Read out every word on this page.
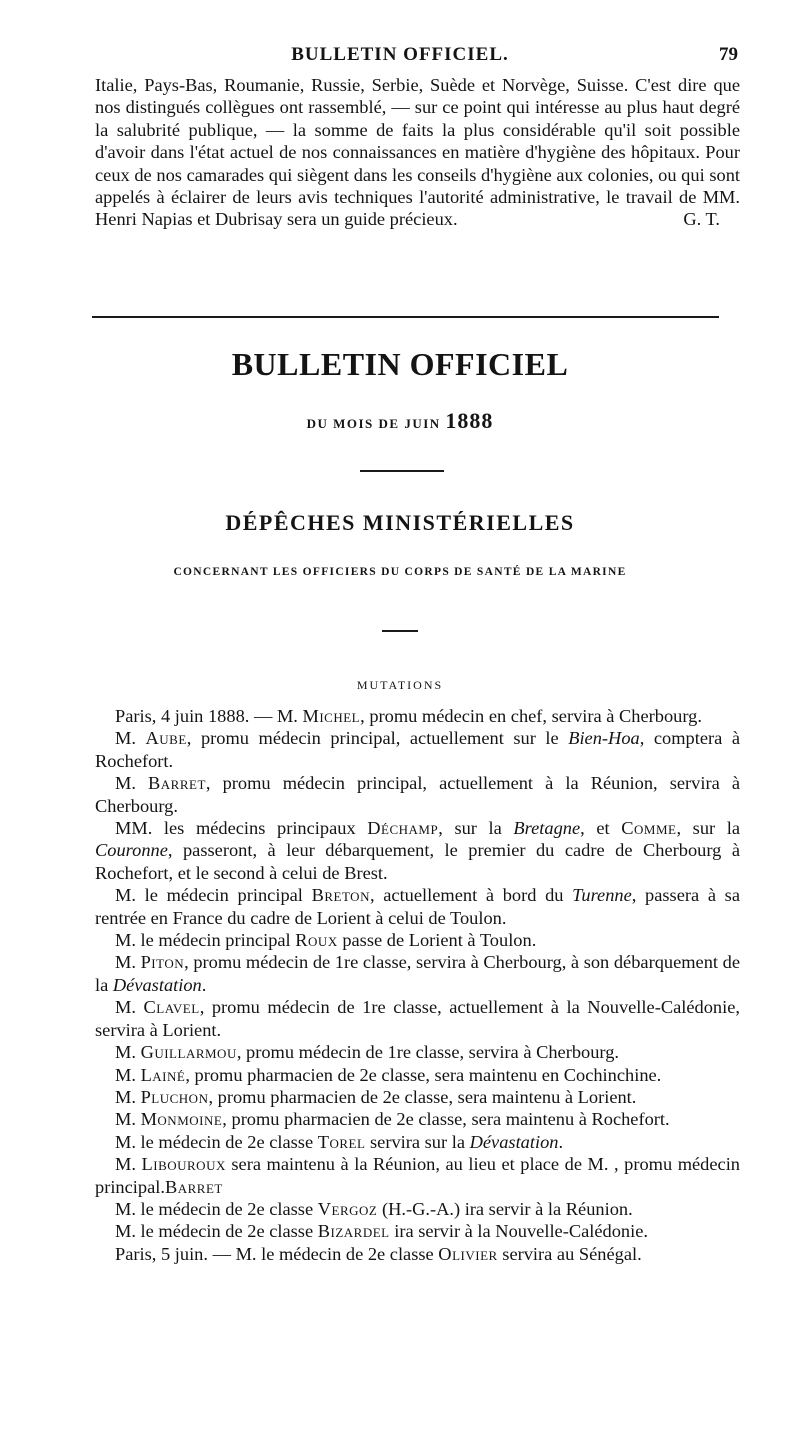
BULLETIN OFFICIEL.	79
Italie, Pays-Bas, Roumanie, Russie, Serbie, Suède et Norvège, Suisse. C'est dire que nos distingués collègues ont rassemblé, — sur ce point qui intéresse au plus haut degré la salubrité publique, — la somme de faits la plus considérable qu'il soit possible d'avoir dans l'état actuel de nos connaissances en matière d'hygiène des hôpitaux. Pour ceux de nos camarades qui siègent dans les conseils d'hygiène aux colonies, ou qui sont appelés à éclairer de leurs avis techniques l'autorité administrative, le travail de MM. Henri Napias et Dubrisay sera un guide précieux.	G. T.
BULLETIN OFFICIEL
DU MOIS DE JUIN 1888
DÉPÊCHES MINISTÉRIELLES
CONCERNANT LES OFFICIERS DU CORPS DE SANTÉ DE LA MARINE
MUTATIONS

Paris, 4 juin 1888. — M. Michel, promu médecin en chef, servira à Cherbourg.

M. Aube, promu médecin principal, actuellement sur le Bien-Hoa, comptera à Rochefort.

M. Barret, promu médecin principal, actuellement à la Réunion, servira à Cherbourg.

MM. les médecins principaux Déchamp, sur la Bretagne, et Comme, sur la Couronne, passeront, à leur débarquement, le premier du cadre de Cherbourg à Rochefort, et le second à celui de Brest.

M. le médecin principal Breton, actuellement à bord du Turenne, passera à sa rentrée en France du cadre de Lorient à celui de Toulon.

M. le médecin principal Roux passe de Lorient à Toulon.

M. Piton, promu médecin de 1re classe, servira à Cherbourg, à son débarquement de la Dévastation.

M. Clavel, promu médecin de 1re classe, actuellement à la Nouvelle-Calédonie, servira à Lorient.

M. Guillarmou, promu médecin de 1re classe, servira à Cherbourg.

M. Lainé, promu pharmacien de 2e classe, sera maintenu en Cochinchine.

M. Pluchon, promu pharmacien de 2e classe, sera maintenu à Lorient.

M. Monmoine, promu pharmacien de 2e classe, sera maintenu à Rochefort.

M. le médecin de 2e classe Torel servira sur la Dévastation.

M. Libouroux sera maintenu à la Réunion, au lieu et place de M. , promu médecin principal.Barret

M. le médecin de 2e classe Vergoz (H.-G.-A.) ira servir à la Réunion.

M. le médecin de 2e classe Bizardel ira servir à la Nouvelle-Calédonie.

Paris, 5 juin. — M. le médecin de 2e classe Olivier servira au Sénégal.
